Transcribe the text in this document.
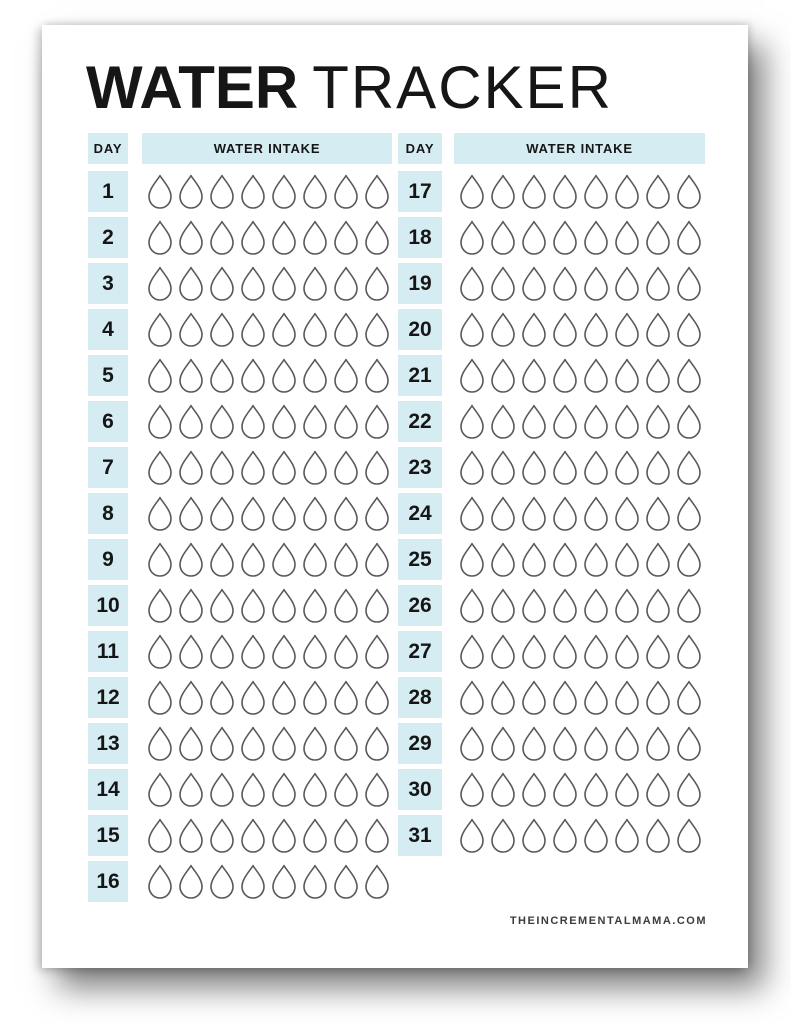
WATER TRACKER
DAY	WATER INTAKE
1
2
3
4
5
6
7
8
9
10
11
12
13
14
15
16
DAY	WATER INTAKE
17
18
19
20
21
22
23
24
25
26
27
28
29
30
31
THEINCREMENTALMAMA.COM
